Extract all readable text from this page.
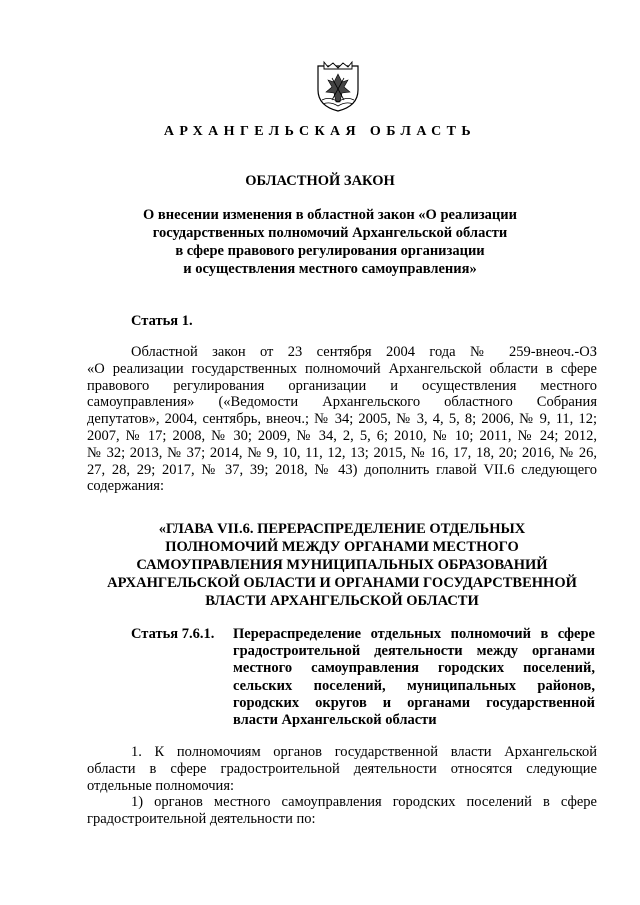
АРХАНГЕЛЬСКАЯ ОБЛАСТЬ
ОБЛАСТНОЙ ЗАКОН
О внесении изменения в областной закон «О реализации
государственных полномочий Архангельской области
в сфере правового регулирования организации
и осуществления местного самоуправления»
Статья 1.
Областной закон от 23 сентября 2004 года № 259-внеоч.-ОЗ
«О реализации государственных полномочий Архангельской области в сфере
правового регулирования организации и осуществления местного
самоуправления» («Ведомости Архангельского областного Собрания
депутатов», 2004, сентябрь, внеоч.; № 34; 2005, № 3, 4, 5, 8; 2006, № 9, 11, 12;
2007, № 17; 2008, № 30; 2009, № 34, 2, 5, 6; 2010, № 10; 2011, № 24; 2012,
№ 32; 2013, № 37; 2014, № 9, 10, 11, 12, 13; 2015, № 16, 17, 18, 20; 2016, № 26,
27, 28, 29; 2017, № 37, 39; 2018, № 43) дополнить главой VII.6 следующего
содержания:
«ГЛАВА VII.6. ПЕРЕРАСПРЕДЕЛЕНИЕ ОТДЕЛЬНЫХ
ПОЛНОМОЧИЙ МЕЖДУ ОРГАНАМИ МЕСТНОГО
САМОУПРАВЛЕНИЯ МУНИЦИПАЛЬНЫХ ОБРАЗОВАНИЙ
АРХАНГЕЛЬСКОЙ ОБЛАСТИ И ОРГАНАМИ ГОСУДАРСТВЕННОЙ
ВЛАСТИ АРХАНГЕЛЬСКОЙ ОБЛАСТИ
Статья 7.6.1. Перераспределение отдельных полномочий в сфере
градостроительной деятельности между органами
местного самоуправления городских поселений,
сельских поселений, муниципальных районов,
городских округов и органами государственной
власти Архангельской области
1. К полномочиям органов государственной власти Архангельской
области в сфере градостроительной деятельности относятся следующие
отдельные полномочия:
1) органов местного самоуправления городских поселений в сфере
градостроительной деятельности по:
